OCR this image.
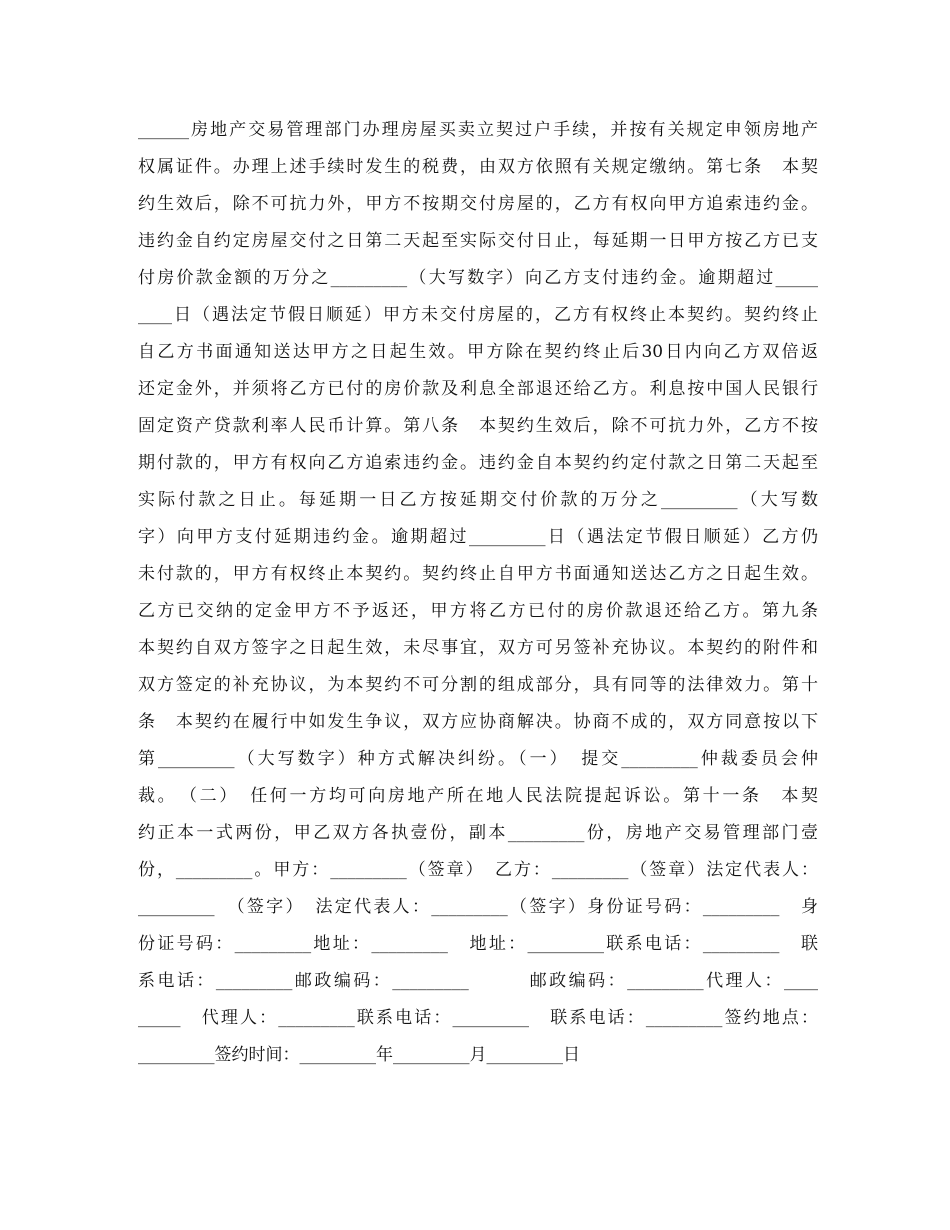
______房地产交易管理部门办理房屋买卖立契过户手续，并按有关规定申领房地产
权属证件。办理上述手续时发生的税费，由双方依照有关规定缴纳。第七条　本契
约生效后，除不可抗力外，甲方不按期交付房屋的，乙方有权向甲方追索违约金。
违约金自约定房屋交付之日第二天起至实际交付日止，每延期一日甲方按乙方已支
付房价款金额的万分之_________（大写数字）向乙方支付违约金。逾期超过_____
____日（遇法定节假日顺延）甲方未交付房屋的，乙方有权终止本契约。契约终止
自乙方书面通知送达甲方之日起生效。甲方除在契约终止后30日内向乙方双倍返
还定金外，并须将乙方已付的房价款及利息全部退还给乙方。利息按中国人民银行
固定资产贷款利率人民币计算。第八条　本契约生效后，除不可抗力外，乙方不按
期付款的，甲方有权向乙方追索违约金。违约金自本契约约定付款之日第二天起至
实际付款之日止。每延期一日乙方按延期交付价款的万分之_________（大写数
字）向甲方支付延期违约金。逾期超过_________日（遇法定节假日顺延）乙方仍
未付款的，甲方有权终止本契约。契约终止自甲方书面通知送达乙方之日起生效。
乙方已交纳的定金甲方不予返还，甲方将乙方已付的房价款退还给乙方。第九条
本契约自双方签字之日起生效，未尽事宜，双方可另签补充协议。本契约的附件和
双方签定的补充协议，为本契约不可分割的组成部分，具有同等的法律效力。第十
条　本契约在履行中如发生争议，双方应协商解决。协商不成的，双方同意按以下
第_________（大写数字）种方式解决纠纷。（一）　提交_________仲裁委员会仲
裁。　（二）　任何一方均可向房地产所在地人民法院提起诉讼。第十一条　本契
约正本一式两份，甲乙双方各执壹份，副本_________份，房地产交易管理部门壹
份，_________。甲方：_________（签章）　乙方：_________（签章）法定代表人：
_________　（签字）　法定代表人：_________（签字）身份证号码：_________　身
份证号码：_________地址：_________　地址：_________联系电话：_________　联
系电话：_________邮政编码：_________　　　邮政编码：_________代理人：____
_____　代理人：_________联系电话：_________　联系电话：_________签约地点：
_________签约时间：_________年_________月_________日
